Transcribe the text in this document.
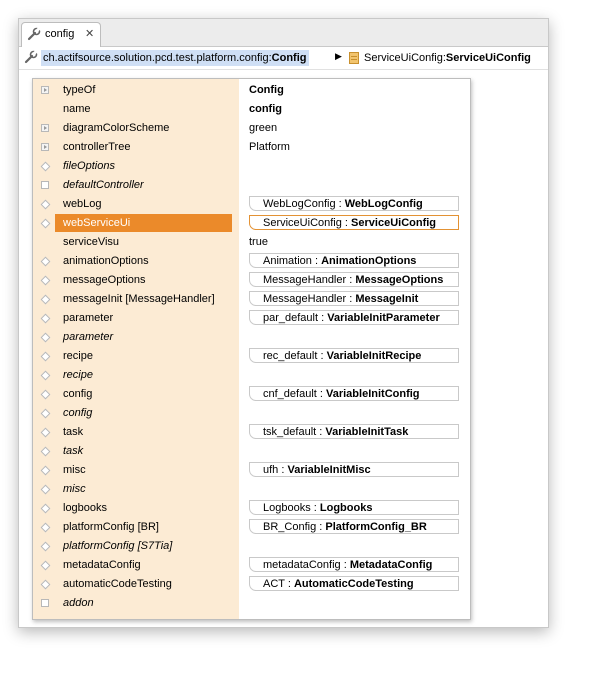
config ✕
ch.actifsource.solution.pcd.test.platform.config:Config	▶ ServiceUiConfig:ServiceUiConfig
typeOf	Config
name	config
diagramColorScheme	green
controllerTree	Platform
fileOptions
defaultController
webLog	WebLogConfig : WebLogConfig
webServiceUi	ServiceUiConfig : ServiceUiConfig
serviceVisu	true
animationOptions	Animation : AnimationOptions
messageOptions	MessageHandler : MessageOptions
messageInit [MessageHandler]	MessageHandler : MessageInit
parameter	par_default : VariableInitParameter
parameter
recipe	rec_default : VariableInitRecipe
recipe
config	cnf_default : VariableInitConfig
config
task	tsk_default : VariableInitTask
task
misc	ufh : VariableInitMisc
misc
logbooks	Logbooks : Logbooks
platformConfig [BR]	BR_Config : PlatformConfig_BR
platformConfig [S7Tia]
metadataConfig	metadataConfig : MetadataConfig
automaticCodeTesting	ACT : AutomaticCodeTesting
addon
